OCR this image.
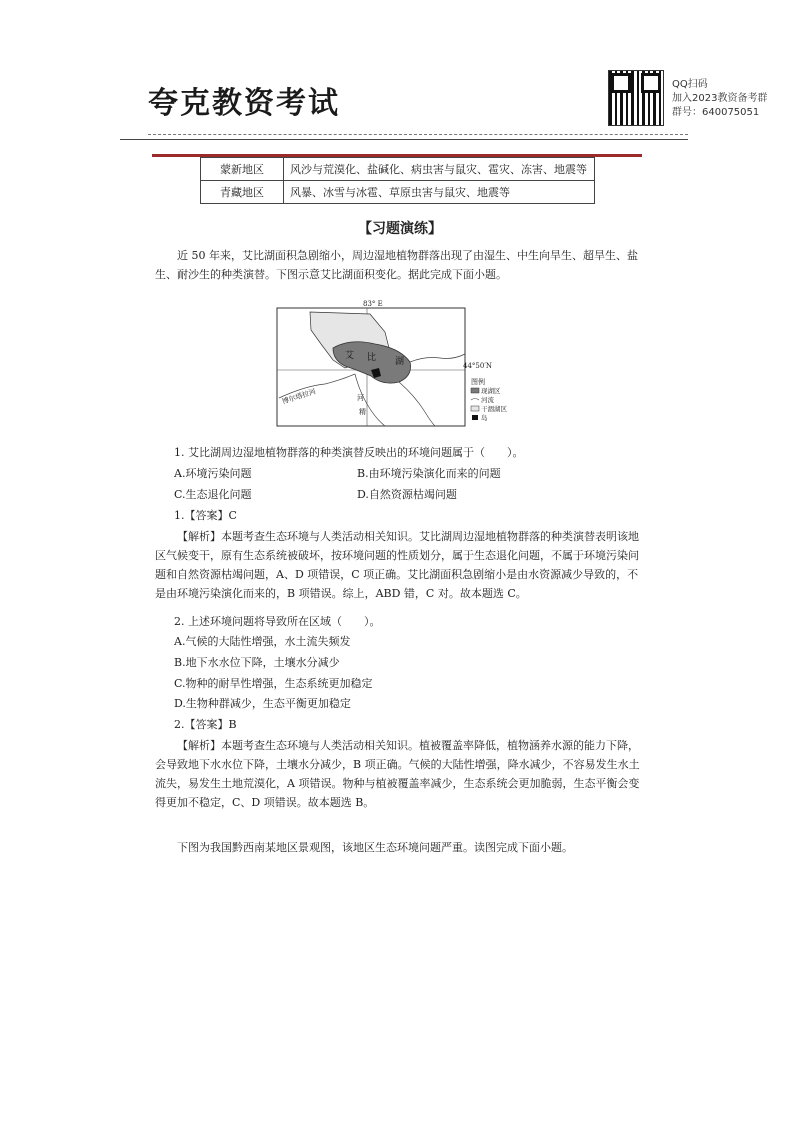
夸克教资考试
QQ扫码
加入2023教资备考群
群号：640075051
蒙新地区	风沙与荒漠化、盐碱化、病虫害与鼠灾、雹灾、冻害、地震等
青藏地区	风暴、冰雪与冰雹、草原虫害与鼠灾、地震等
【习题演练】
近 50 年来，艾比湖面积急剧缩小，周边湿地植物群落出现了由湿生、中生向旱生、超旱生、盐生、耐沙生的种类演替。下图示意艾比湖面积变化。据此完成下面小题。
83° E
44°50′N
艾 比 湖
博尔塔拉河	河
精
图例
现湖区
河流
干涸湖区
岛
1. 艾比湖周边湿地植物群落的种类演替反映出的环境问题属于（　　）。
A.环境污染问题	B.由环境污染演化而来的问题
C.生态退化问题	D.自然资源枯竭问题
1.【答案】C
【解析】本题考查生态环境与人类活动相关知识。艾比湖周边湿地植物群落的种类演替表明该地区气候变干，原有生态系统被破坏，按环境问题的性质划分，属于生态退化问题，不属于环境污染问题和自然资源枯竭问题，A、D 项错误，C 项正确。艾比湖面积急剧缩小是由水资源减少导致的，不是由环境污染演化而来的，B 项错误。综上，ABD 错，C 对。故本题选 C。
2. 上述环境问题将导致所在区域（　　）。
A.气候的大陆性增强，水土流失频发
B.地下水水位下降，土壤水分减少
C.物种的耐旱性增强，生态系统更加稳定
D.生物种群减少，生态平衡更加稳定
2.【答案】B
【解析】本题考查生态环境与人类活动相关知识。植被覆盖率降低，植物涵养水源的能力下降，会导致地下水水位下降，土壤水分减少，B 项正确。气候的大陆性增强，降水减少，不容易发生水土流失，易发生土地荒漠化，A 项错误。物种与植被覆盖率减少，生态系统会更加脆弱，生态平衡会变得更加不稳定，C、D 项错误。故本题选 B。
下图为我国黔西南某地区景观图，该地区生态环境问题严重。读图完成下面小题。
